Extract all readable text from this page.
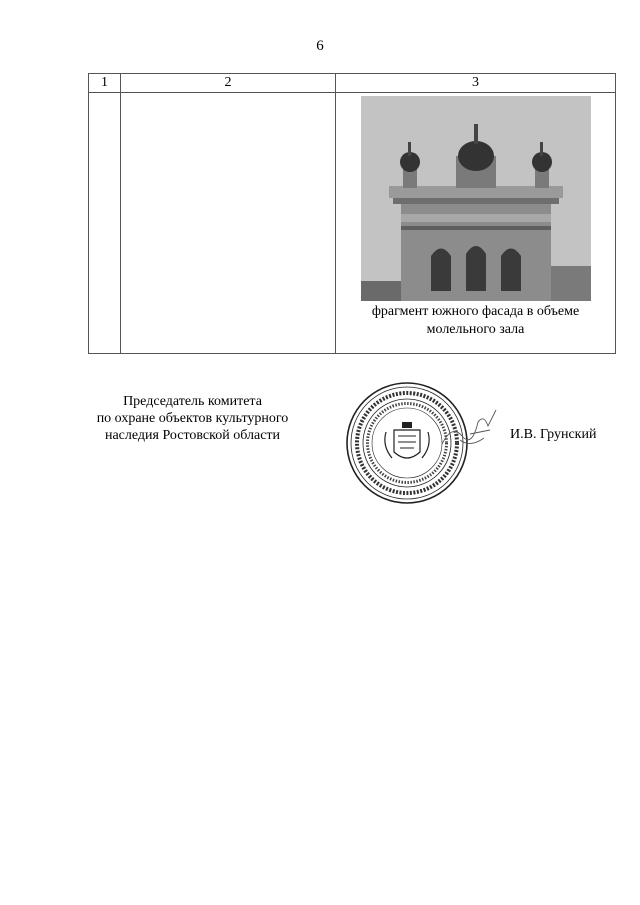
6
1	2	3

		фрагмент южного фасада в объеме молельного зала
Председатель комитета
по охране объектов культурного
наследия Ростовской области	И.В. Грунский
